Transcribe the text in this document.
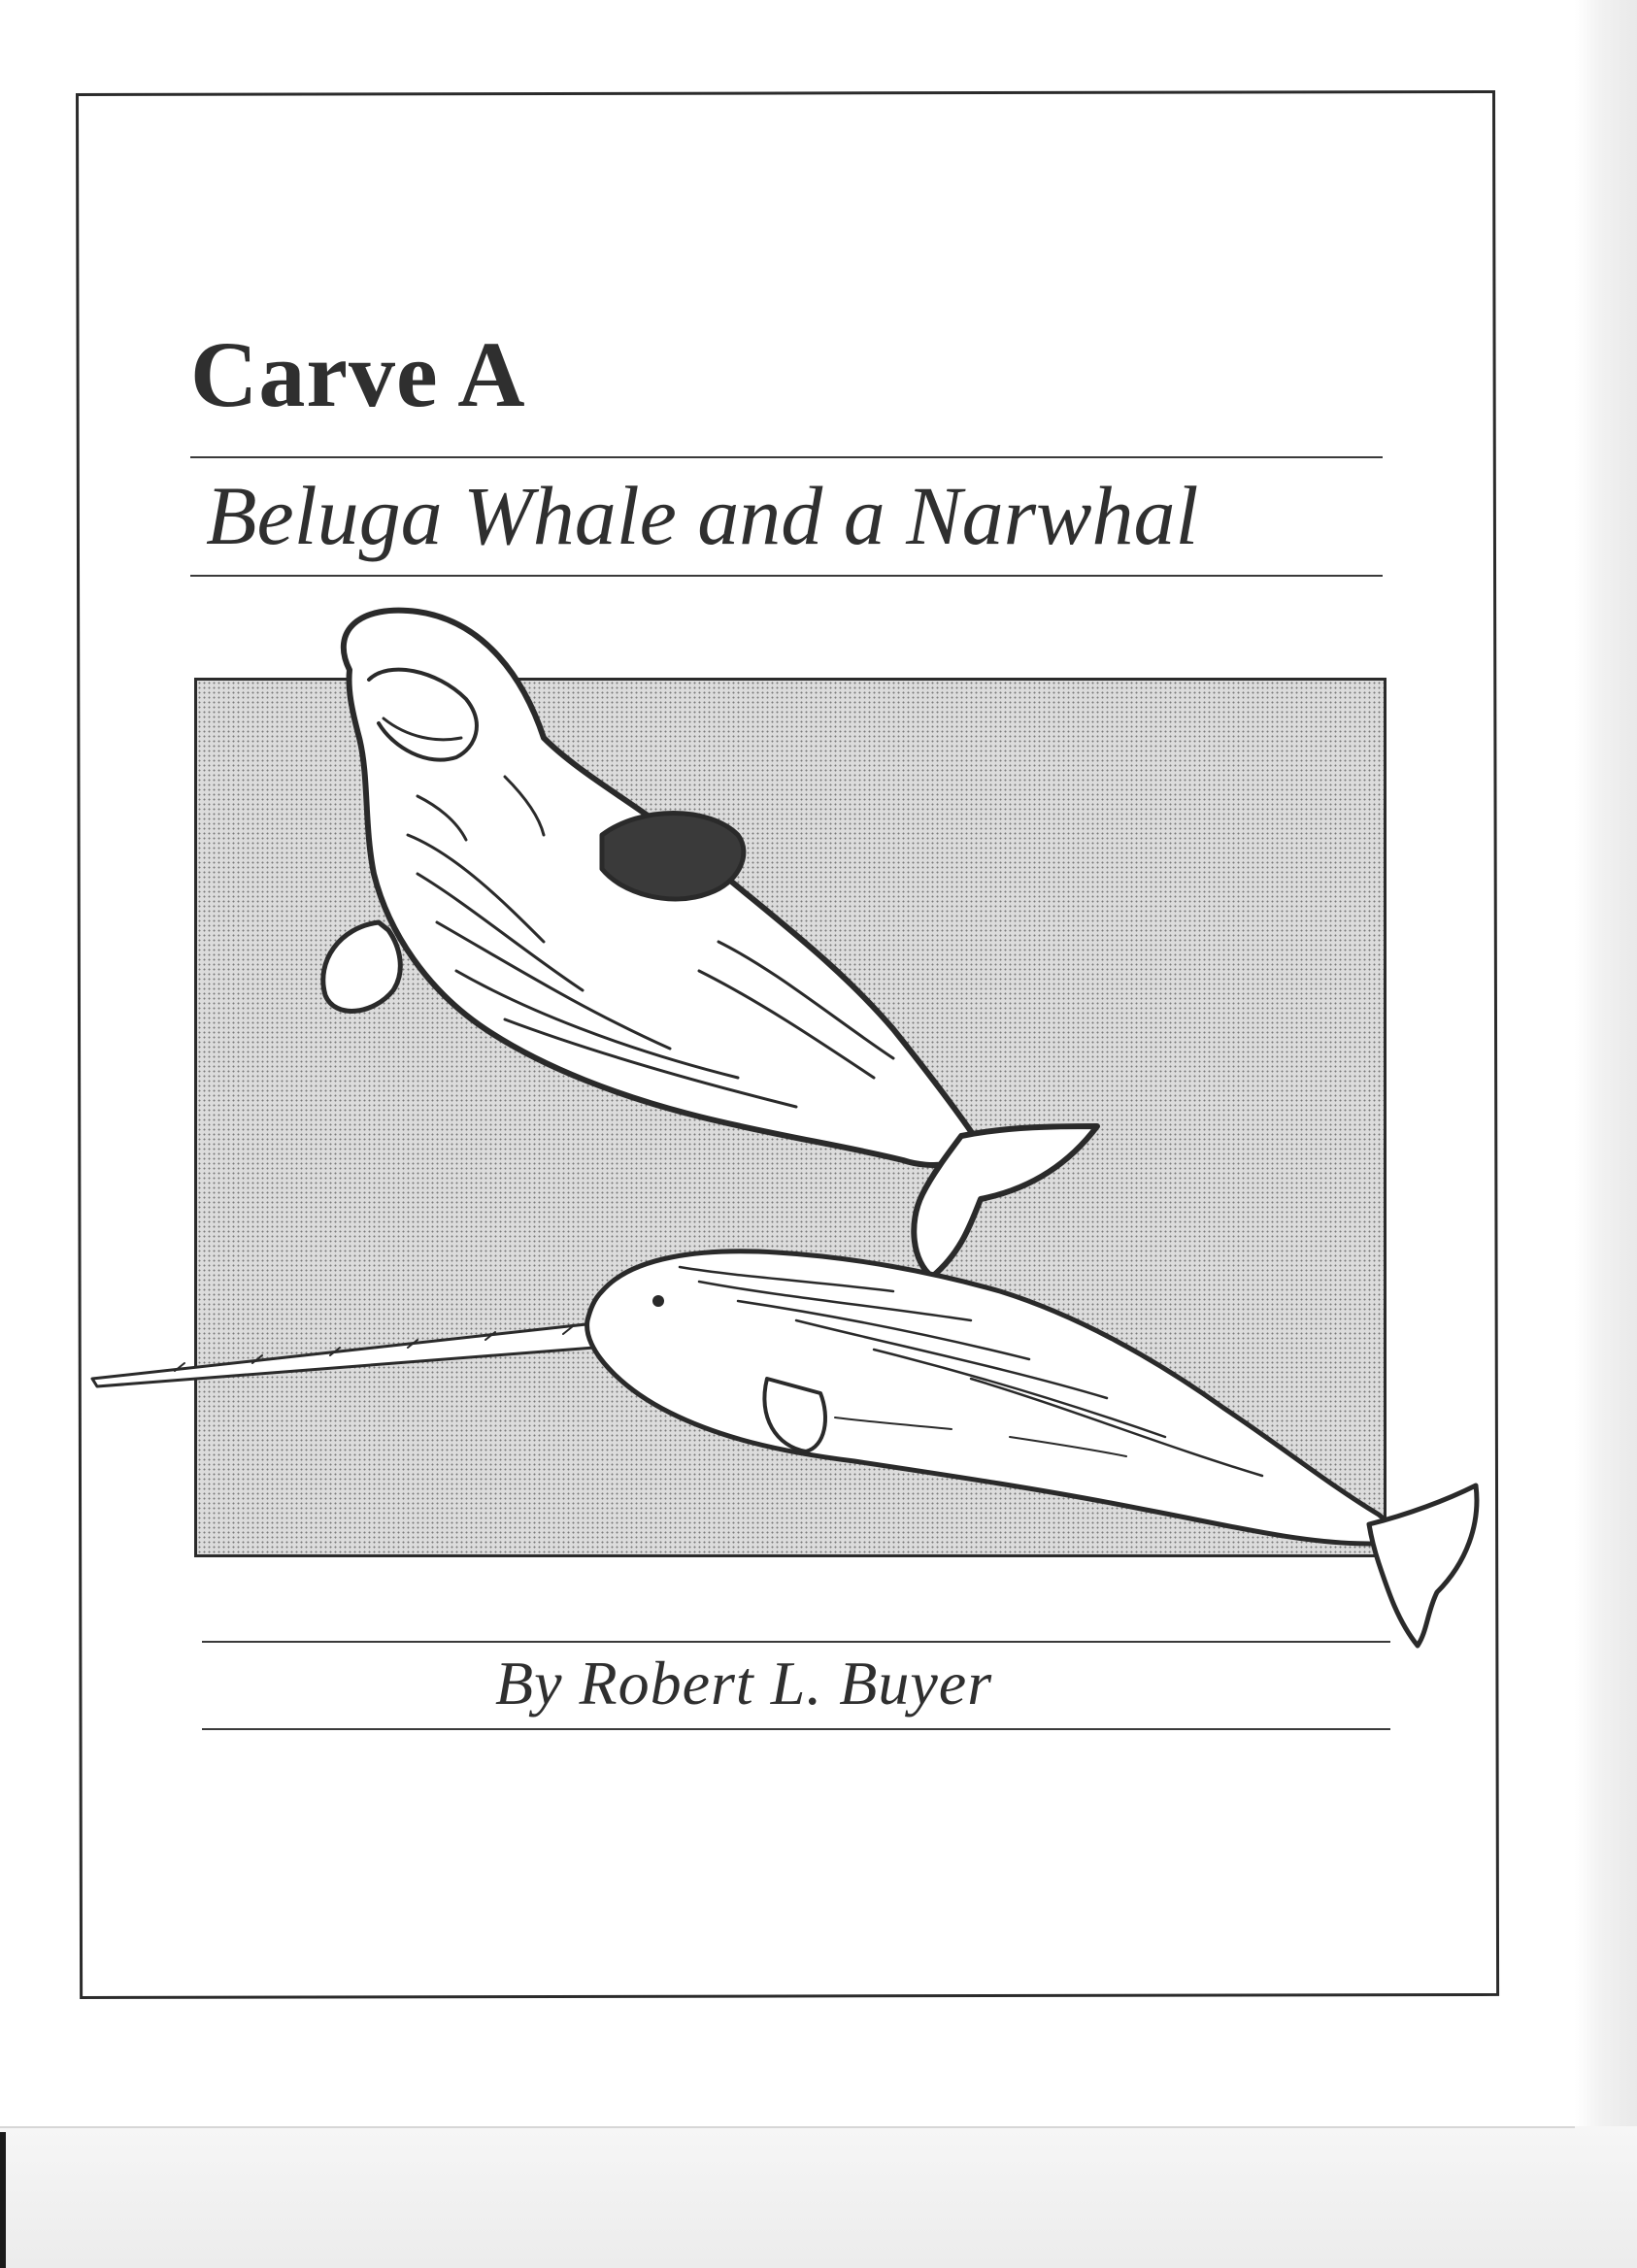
Carve A
Beluga Whale and a Narwhal
By Robert L. Buyer
